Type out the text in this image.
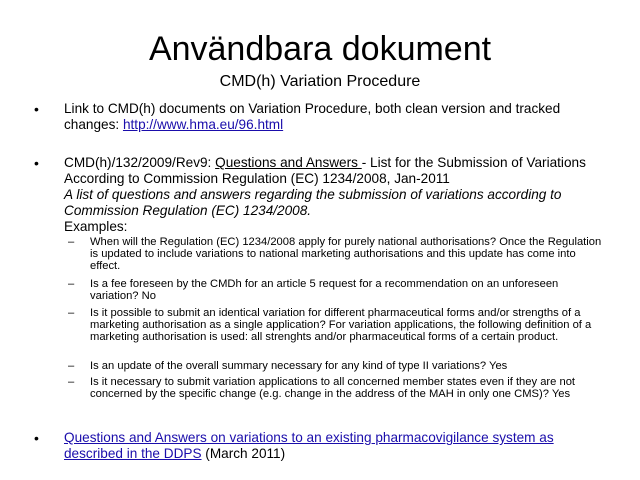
Användbara dokument
CMD(h) Variation Procedure
• Link to CMD(h) documents on Variation Procedure, both clean version and tracked changes: http://www.hma.eu/96.html
• CMD(h)/132/2009/Rev9: Questions and Answers - List for the Submission of Variations According to Commission Regulation (EC) 1234/2008, Jan-2011
A list of questions and answers regarding the submission of variations according to Commission Regulation (EC) 1234/2008.
Examples:
– When will the Regulation (EC) 1234/2008 apply for purely national authorisations? Once the Regulation is updated to include variations to national marketing authorisations and this update has come into effect.
– Is a fee foreseen by the CMDh for an article 5 request for a recommendation on an unforeseen variation? No
– Is it possible to submit an identical variation for different pharmaceutical forms and/or strengths of a marketing authorisation as a single application? For variation applications, the following definition of a marketing authorisation is used: all strenghts and/or pharmaceutical forms of a certain product.
– Is an update of the overall summary necessary for any kind of type II variations? Yes
– Is it necessary to submit variation applications to all concerned member states even if they are not concerned by the specific change (e.g. change in the address of the MAH in only one CMS)? Yes
• Questions and Answers on variations to an existing pharmacovigilance system as described in the DDPS (March 2011)
